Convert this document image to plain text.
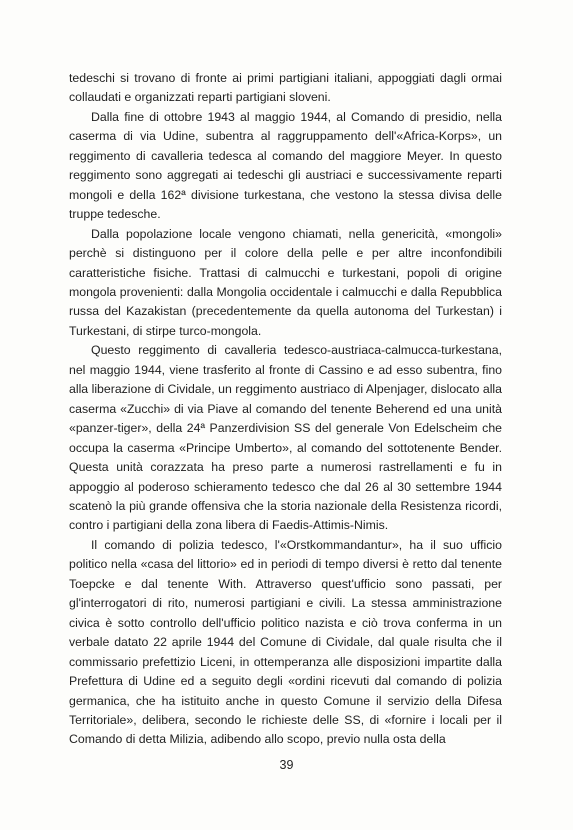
tedeschi si trovano di fronte ai primi partigiani italiani, appoggiati dagli ormai collaudati e organizzati reparti partigiani sloveni.

Dalla fine di ottobre 1943 al maggio 1944, al Comando di presidio, nella caserma di via Udine, subentra al raggruppamento dell'«Africa-Korps», un reggimento di cavalleria tedesca al comando del maggiore Meyer. In questo reggimento sono aggregati ai tedeschi gli austriaci e successivamente reparti mongoli e della 162ª divisione turkestana, che vestono la stessa divisa delle truppe tedesche.

Dalla popolazione locale vengono chiamati, nella genericità, «mongoli» perchè si distinguono per il colore della pelle e per altre inconfondibili caratteristiche fisiche. Trattasi di calmucchi e turkestani, popoli di origine mongola provenienti: dalla Mongolia occidentale i calmucchi e dalla Repubblica russa del Kazakistan (precedentemente da quella autonoma del Turkestan) i Turkestani, di stirpe turco-mongola.

Questo reggimento di cavalleria tedesco-austriaca-calmucca-turkestana, nel maggio 1944, viene trasferito al fronte di Cassino e ad esso subentra, fino alla liberazione di Cividale, un reggimento austriaco di Alpenjager, dislocato alla caserma «Zucchi» di via Piave al comando del tenente Beherend ed una unità «panzer-tiger», della 24ª Panzerdivision SS del generale Von Edelscheim che occupa la caserma «Principe Umberto», al comando del sottotenente Bender. Questa unità corazzata ha preso parte a numerosi rastrellamenti e fu in appoggio al poderoso schieramento tedesco che dal 26 al 30 settembre 1944 scatenò la più grande offensiva che la storia nazionale della Resistenza ricordi, contro i partigiani della zona libera di Faedis-Attimis-Nimis.

Il comando di polizia tedesco, l'«Orstkommandantur», ha il suo ufficio politico nella «casa del littorio» ed in periodi di tempo diversi è retto dal tenente Toepcke e dal tenente With. Attraverso quest'ufficio sono passati, per gl'interrogatori di rito, numerosi partigiani e civili. La stessa amministrazione civica è sotto controllo dell'ufficio politico nazista e ciò trova conferma in un verbale datato 22 aprile 1944 del Comune di Cividale, dal quale risulta che il commissario prefettizio Liceni, in ottemperanza alle disposizioni impartite dalla Prefettura di Udine ed a seguito degli «ordini ricevuti dal comando di polizia germanica, che ha istituito anche in questo Comune il servizio della Difesa Territoriale», delibera, secondo le richieste delle SS, di «fornire i locali per il Comando di detta Milizia, adibendo allo scopo, previo nulla osta della

39
